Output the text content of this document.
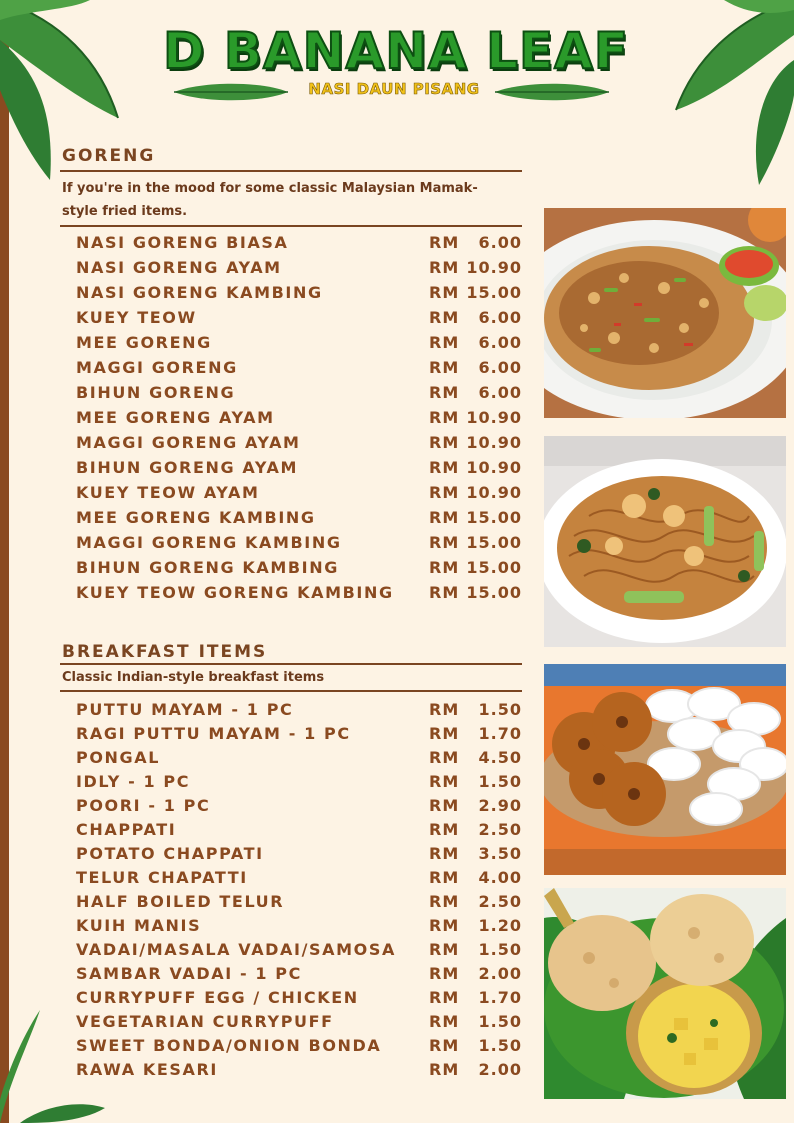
D BANANA LEAF
NASI DAUN PISANG
GORENG
If you're in the mood for some classic Malaysian Mamak-style fried items.
NASI GORENG BIASA	RM 6.00
NASI GORENG AYAM	RM 10.90
NASI GORENG KAMBING	RM 15.00
KUEY TEOW	RM 6.00
MEE GORENG	RM 6.00
MAGGI GORENG	RM 6.00
BIHUN GORENG	RM 6.00
MEE GORENG AYAM	RM 10.90
MAGGI GORENG AYAM	RM 10.90
BIHUN GORENG AYAM	RM 10.90
KUEY TEOW AYAM	RM 10.90
MEE GORENG KAMBING	RM 15.00
MAGGI GORENG KAMBING	RM 15.00
BIHUN GORENG KAMBING	RM 15.00
KUEY TEOW GORENG KAMBING RM 15.00
BREAKFAST ITEMS
Classic Indian-style breakfast items
PUTTU MAYAM - 1 PC	RM 1.50
RAGI PUTTU MAYAM - 1 PC	RM 1.70
PONGAL	RM 4.50
IDLY - 1 PC	RM 1.50
POORI - 1 PC	RM 2.90
CHAPPATI	RM 2.50
POTATO CHAPPATI	RM 3.50
TELUR CHAPATTI	RM 4.00
HALF BOILED TELUR	RM 2.50
KUIH MANIS	RM 1.20
VADAI/MASALA VADAI/SAMOSA RM 1.50
SAMBAR VADAI - 1 PC	RM 2.00
CURRYPUFF EGG / CHICKEN	RM 1.70
VEGETARIAN CURRYPUFF	RM 1.50
SWEET BONDA/ONION BONDA	RM 1.50
RAWA KESARI	RM 2.00
